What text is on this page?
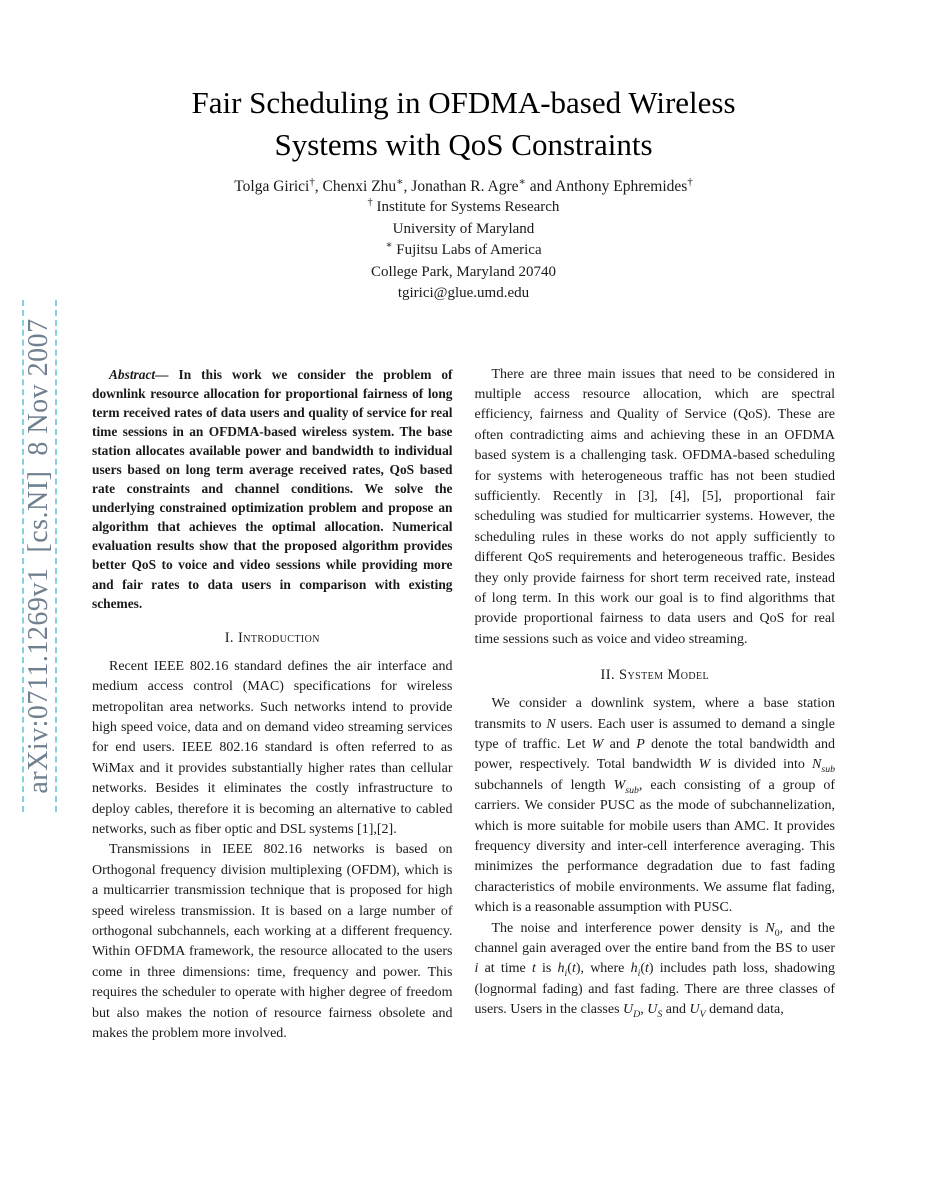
arXiv:0711.1269v1  [cs.NI]  8 Nov 2007
Fair Scheduling in OFDMA-based Wireless
Systems with QoS Constraints
Tolga Girici†, Chenxi Zhu∗, Jonathan R. Agre∗ and Anthony Ephremides†
† Institute for Systems Research
University of Maryland
∗ Fujitsu Labs of America
College Park, Maryland 20740
tgirici@glue.umd.edu

Abstract— In this work we consider the problem of downlink resource allocation for proportional fairness of long term received rates of data users and quality of service for real time sessions in an OFDMA-based wireless system. The base station allocates available power and bandwidth to individual users based on long term average received rates, QoS based rate constraints and channel conditions. We solve the underlying constrained optimization problem and propose an algorithm that achieves the optimal allocation. Numerical evaluation results show that the proposed algorithm provides better QoS to voice and video sessions while providing more and fair rates to data users in comparison with existing schemes.

I. Introduction

Recent IEEE 802.16 standard defines the air interface and medium access control (MAC) specifications for wireless metropolitan area networks. Such networks intend to provide high speed voice, data and on demand video streaming services for end users. IEEE 802.16 standard is often referred to as WiMax and it provides substantially higher rates than cellular networks. Besides it eliminates the costly infrastructure to deploy cables, therefore it is becoming an alternative to cabled networks, such as fiber optic and DSL systems [1],[2].

Transmissions in IEEE 802.16 networks is based on Orthogonal frequency division multiplexing (OFDM), which is a multicarrier transmission technique that is proposed for high speed wireless transmission. It is based on a large number of orthogonal subchannels, each working at a different frequency. Within OFDMA framework, the resource allocated to the users come in three dimensions: time, frequency and power. This requires the scheduler to operate with higher degree of freedom but also makes the notion of resource fairness obsolete and makes the problem more involved.

There are three main issues that need to be considered in multiple access resource allocation, which are spectral efficiency, fairness and Quality of Service (QoS). These are often contradicting aims and achieving these in an OFDMA based system is a challenging task. OFDMA-based scheduling for systems with heterogeneous traffic has not been studied sufficiently. Recently in [3], [4], [5], proportional fair scheduling was studied for multicarrier systems. However, the scheduling rules in these works do not apply sufficiently to different QoS requirements and heterogeneous traffic. Besides they only provide fairness for short term received rate, instead of long term. In this work our goal is to find algorithms that provide proportional fairness to data users and QoS for real time sessions such as voice and video streaming.

II. System Model

We consider a downlink system, where a base station transmits to N users. Each user is assumed to demand a single type of traffic. Let W and P denote the total bandwidth and power, respectively. Total bandwidth W is divided into $N_{sub}$ subchannels of length $W_{sub}$, each consisting of a group of carriers. We consider PUSC as the mode of subchannelization, which is more suitable for mobile users than AMC. It provides frequency diversity and inter-cell interference averaging. This minimizes the performance degradation due to fast fading characteristics of mobile environments. We assume flat fading, which is a reasonable assumption with PUSC.

The noise and interference power density is $N_0$, and the channel gain averaged over the entire band from the BS to user i at time t is $h_i(t)$, where $h_i(t)$ includes path loss, shadowing (lognormal fading) and fast fading. There are three classes of users. Users in the classes $U_D$, $U_S$ and $U_V$ demand data,
